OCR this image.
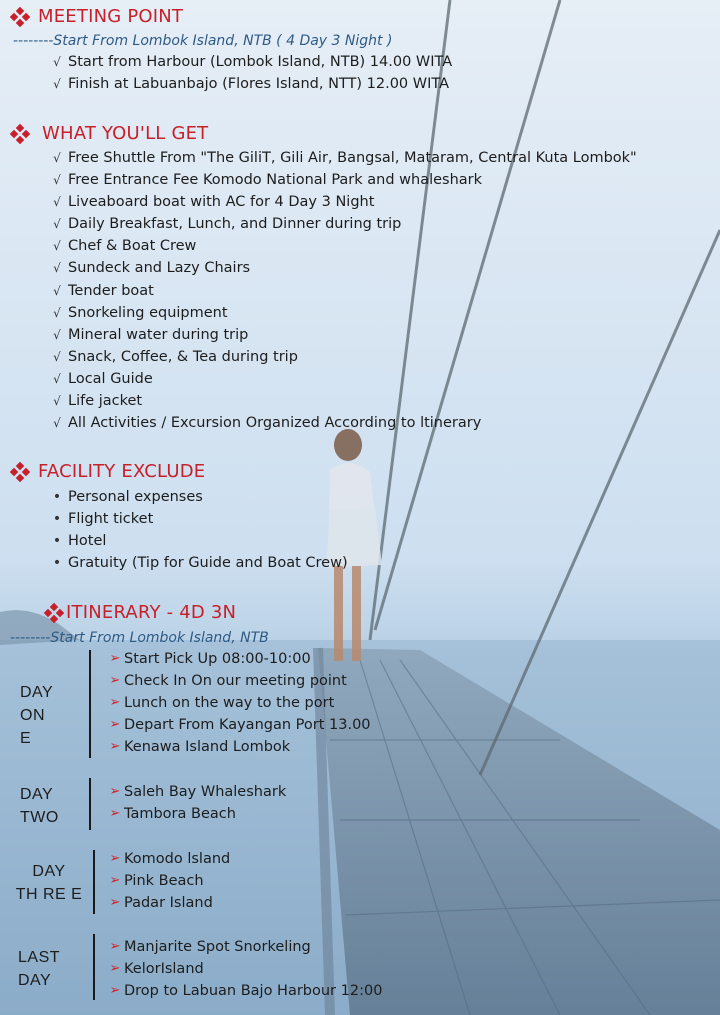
MEETING POINT
--------Start From Lombok Island, NTB ( 4 Day 3 Night )
√ Start from Harbour (Lombok Island, NTB) 14.00 WITA
√ Finish at Labuanbajo (Flores Island, NTT) 12.00 WITA
WHAT YOU'LL GET
√ Free Shuttle From "The GiliT, Gili Air, Bangsal, Mataram, Central Kuta Lombok"
√ Free Entrance Fee Komodo National Park and whaleshark
√ Liveaboard boat with AC for 4 Day 3 Night
√ Daily Breakfast, Lunch, and Dinner during trip
√ Chef & Boat Crew
√ Sundeck and Lazy Chairs
√ Tender boat
√ Snorkeling equipment
√ Mineral water during trip
√ Snack, Coffee, & Tea during trip
√ Local Guide
√ Life jacket
√ All Activities / Excursion Organized According to ltinerary
FACILITY EXCLUDE
• Personal expenses
• Flight ticket
• Hotel
• Gratuity (Tip for Guide and Boat Crew)
ITINERARY - 4D 3N
--------Start From Lombok Island, NTB
DAY
ON
E
➢ Start Pick Up 08:00-10:00
➢ Check In On our meeting point
➢ Lunch on the way to the port
➢ Depart From Kayangan Port 13.00
➢ Kenawa Island Lombok
DAY
TWO
➢ Saleh Bay Whaleshark
➢ Tambora Beach
DAY
TH RE E
➢ Komodo lsland
➢ Pink Beach
➢ Padar Island
LAST
DAY
➢ Manjarite Spot Snorkeling
➢ KelorIsland
➢ Drop to Labuan Bajo Harbour 12:00
